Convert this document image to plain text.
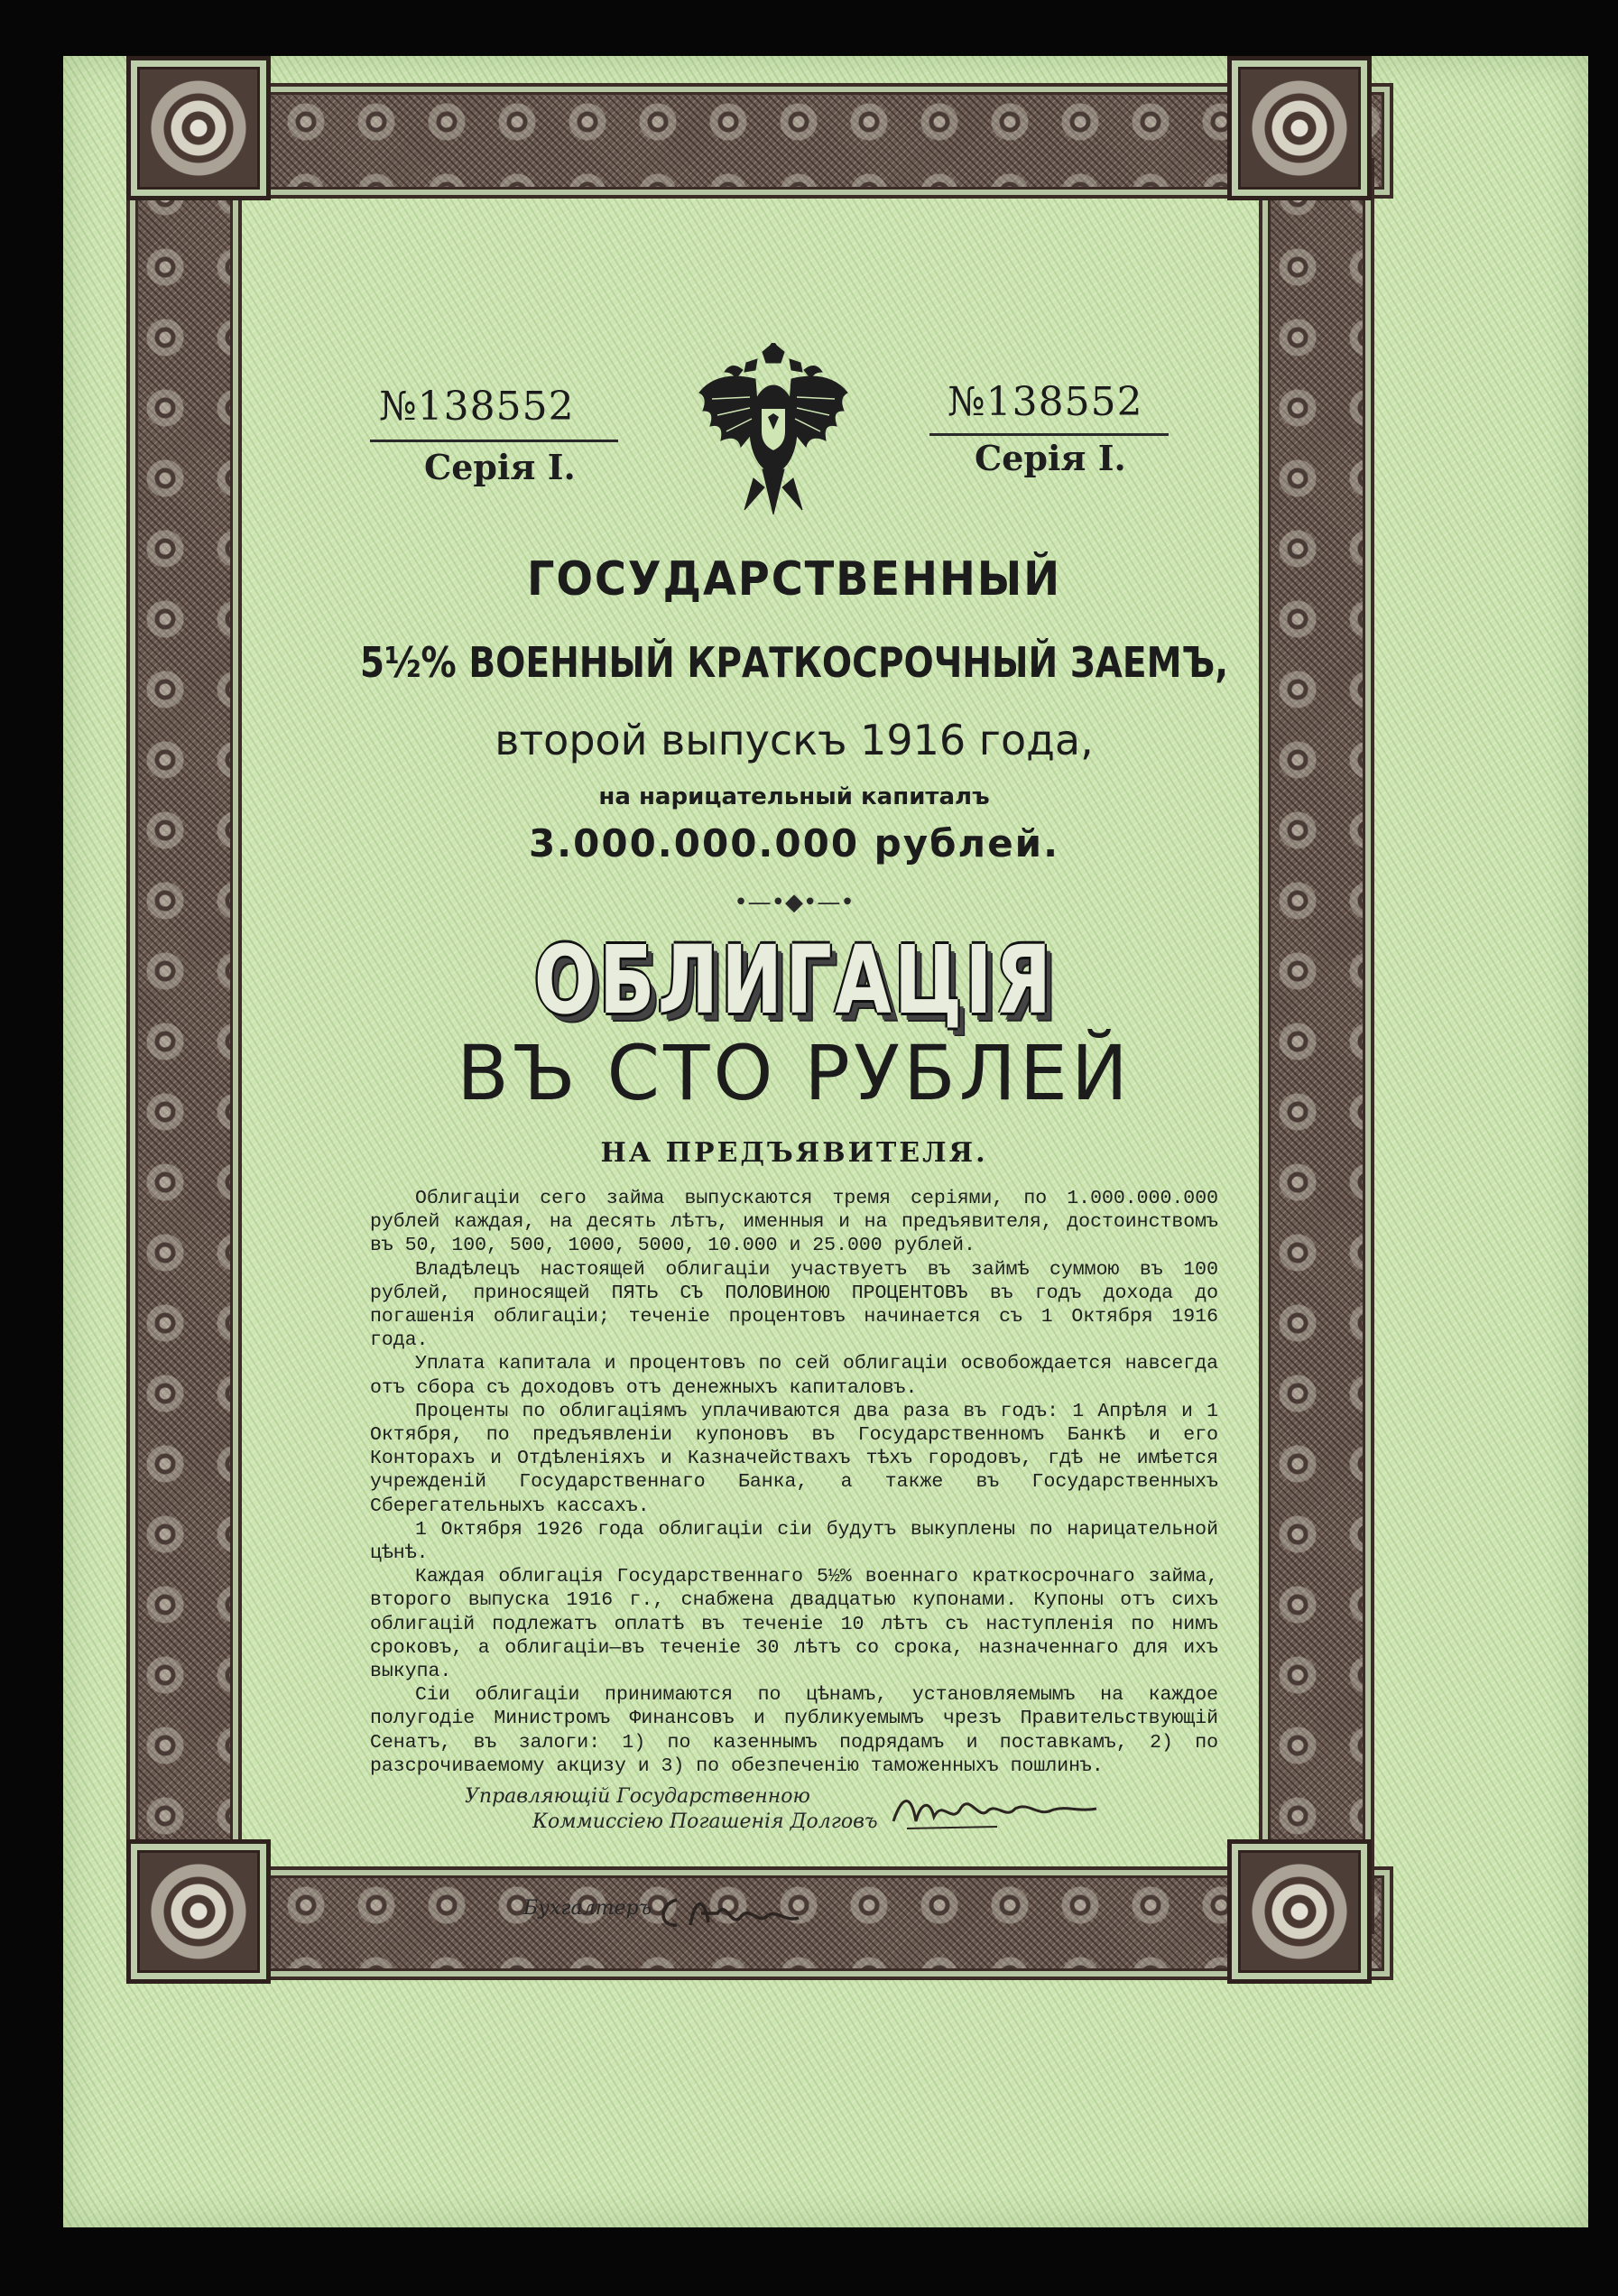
№138552
Серія I.
№138552
Серія I.
ГОСУДАРСТВЕННЫЙ
5½% ВОЕННЫЙ КРАТКОСРОЧНЫЙ ЗАЕМЪ,
второй выпускъ 1916 года,
на нарицательный капиталъ
3.000.000.000 рублей.
•—•◆•—•
ОБЛИГАЦІЯ
ВЪ СТО РУБЛЕЙ
НА ПРЕДЪЯВИТЕЛЯ.

Облигаціи сего займа выпускаются тремя серіями, по 1.000.000.000 рублей каждая, на десять лѣтъ, именныя и на предъявителя, достоинствомъ въ 50, 100, 500, 1000, 5000, 10.000 и 25.000 рублей.

Владѣлецъ настоящей облигаціи участвуетъ въ займѣ суммою въ 100 рублей, приносящей ПЯТЬ СЪ ПОЛОВИНОЮ ПРОЦЕНТОВЪ въ годъ дохода до погашенія облигаціи; теченіе процентовъ начинается съ 1 Октября 1916 года.

Уплата капитала и процентовъ по сей облигаціи освобождается навсегда отъ сбора съ доходовъ отъ денежныхъ капиталовъ.

Проценты по облигаціямъ уплачиваются два раза въ годъ: 1 Апрѣля и 1 Октября, по предъявленіи купоновъ въ Государственномъ Банкѣ и его Конторахъ и Отдѣленіяхъ и Казначействахъ тѣхъ городовъ, гдѣ не имѣется учрежденій Государственнаго Банка, а также въ Государственныхъ Сберегательныхъ кассахъ.

1 Октября 1926 года облигаціи сіи будутъ выкуплены по нарицательной цѣнѣ.

Каждая облигація Государственнаго 5½% военнаго краткосрочнаго займа, второго выпуска 1916 г., снабжена двадцатью купонами. Купоны отъ сихъ облигацій подлежатъ оплатѣ въ теченіе 10 лѣтъ съ наступленія по нимъ сроковъ, а облигаціи—въ теченіе 30 лѣтъ со срока, назначеннаго для ихъ выкупа.

Сіи облигаціи принимаются по цѣнамъ, установляемымъ на каждое полугодіе Министромъ Финансовъ и публикуемымъ чрезъ Правительствующій Сенатъ, въ залоги: 1) по казеннымъ подрядамъ и поставкамъ, 2) по разсрочиваемому акцизу и 3) по обезпеченію таможенныхъ пошлинъ.

Управляющій Государственною
Коммиссіею Погашенія Долговъ
Бухгалтеръ
